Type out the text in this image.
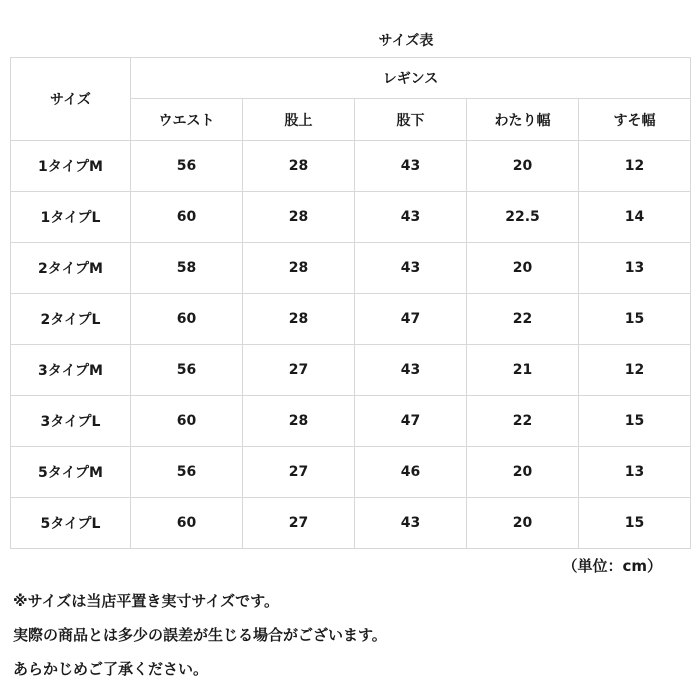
サイズ表
サイズ	レギンス				
	ウエスト	股上	股下	わたり幅	すそ幅
1タイプM	56	28	43	20	12
1タイプL	60	28	43	22.5	14
2タイプM	58	28	43	20	13
2タイプL	60	28	47	22	15
3タイプM	56	27	43	21	12
3タイプL	60	28	47	22	15
5タイプM	56	27	46	20	13
5タイプL	60	27	43	20	15
（単位：cm）
※サイズは当店平置き実寸サイズです。
実際の商品とは多少の誤差が生じる場合がございます。
あらかじめご了承ください。
